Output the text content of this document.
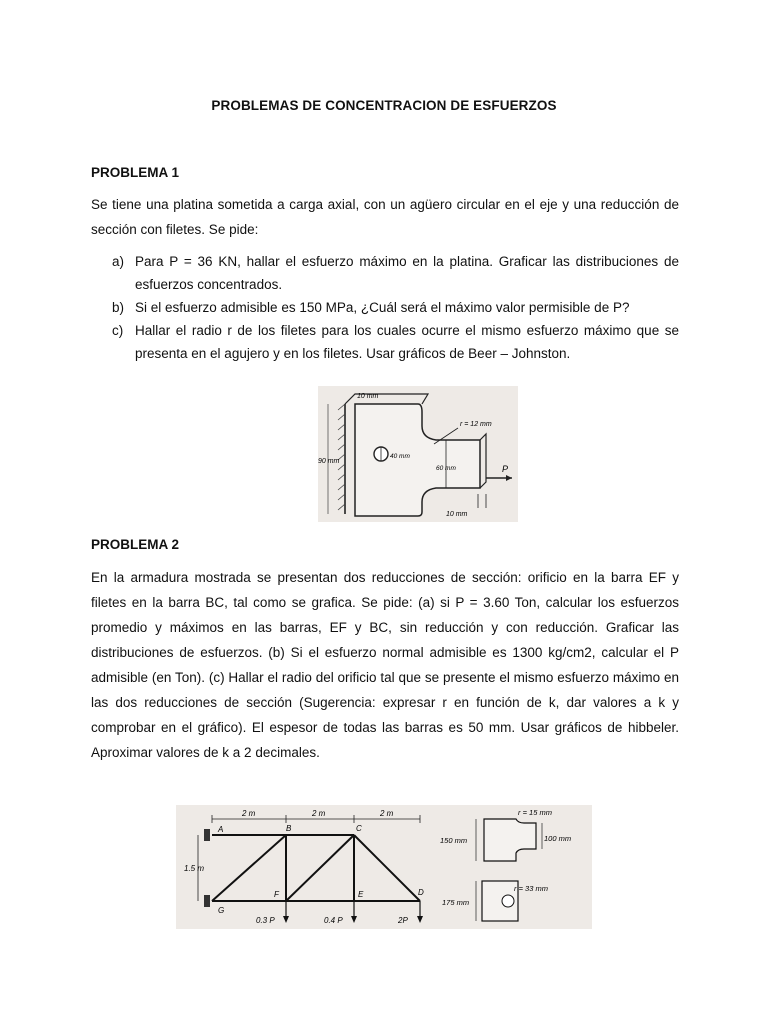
PROBLEMAS DE CONCENTRACION DE ESFUERZOS
PROBLEMA 1
Se tiene una platina sometida a carga axial, con un agüero circular en el eje y una reducción de sección con filetes. Se pide:
a) Para P = 36 KN, hallar el esfuerzo máximo en la platina. Graficar las distribuciones de esfuerzos concentrados.
b) Si el esfuerzo admisible es 150 MPa, ¿Cuál será el máximo valor permisible de P?
c) Hallar el radio r de los filetes para los cuales ocurre el mismo esfuerzo máximo que se presenta en el agujero y en los filetes. Usar gráficos de Beer – Johnston.
10 mm
r = 12 mm
90 mm
40 mm
60 mm	P
10 mm
PROBLEMA 2
En la armadura mostrada se presentan dos reducciones de sección: orificio en la barra EF y filetes en la barra BC, tal como se grafica. Se pide: (a) si P = 3.60 Ton, calcular los esfuerzos promedio y máximos en las barras, EF y BC, sin reducción y con reducción. Graficar las distribuciones de esfuerzos. (b) Si el esfuerzo normal admisible es 1300 kg/cm2, calcular el P admisible (en Ton). (c) Hallar el radio del orificio tal que se presente el mismo esfuerzo máximo en las dos reducciones de sección (Sugerencia: expresar r en función de k, dar valores a k y comprobar en el gráfico). El espesor de todas las barras es 50 mm. Usar gráficos de hibbeler. Aproximar valores de k a 2 decimales.
2 m	2 m	2 m
1.5 m
A	B	C
D
E
F
G
0.3 P	0.4 P	2P
r = 15 mm
150 mm	100 mm
r = 33 mm
175 mm
